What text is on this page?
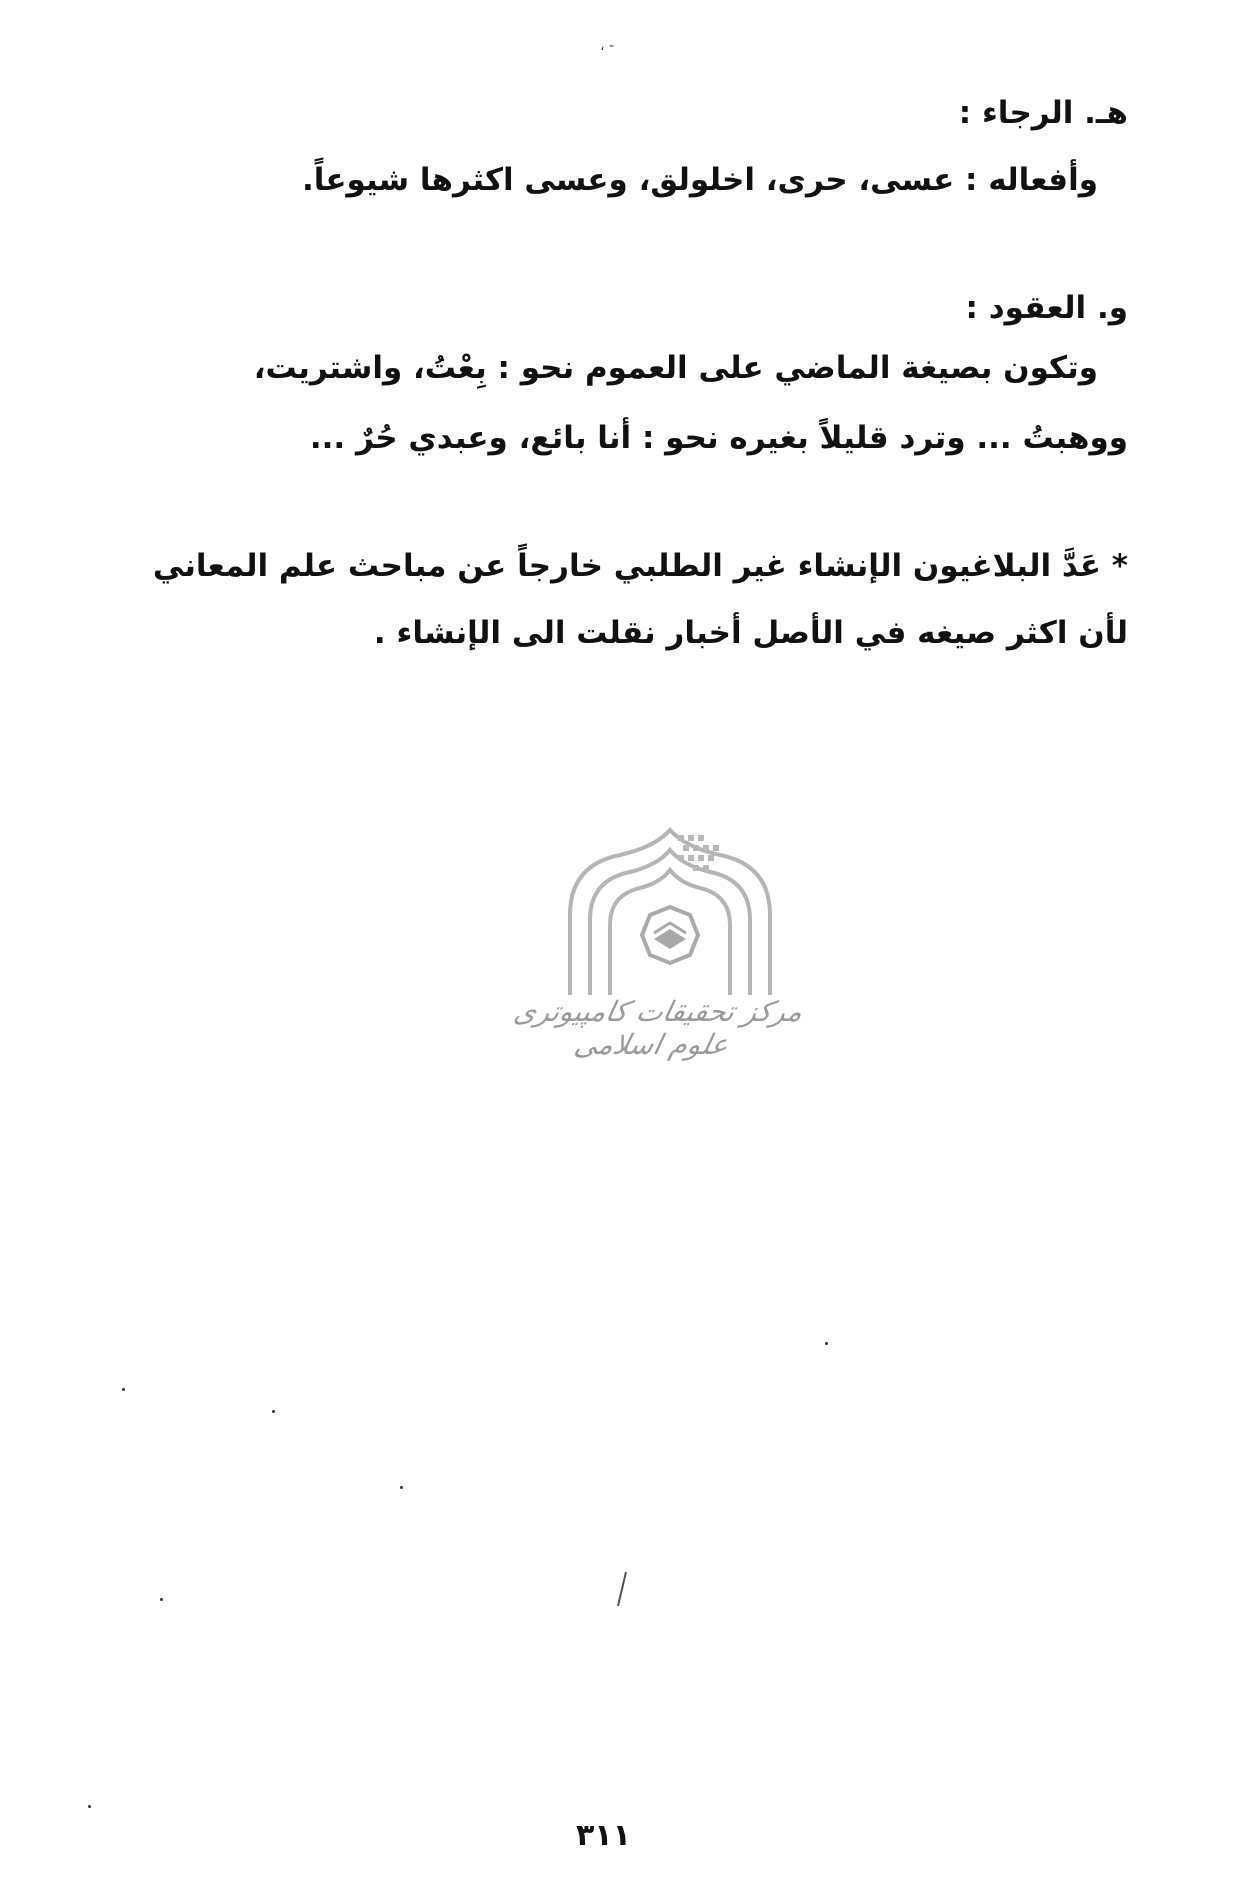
، -
هـ. الرجاء :
وأفعاله : عسى، حرى، اخلولق، وعسى اكثرها شيوعاً.
و. العقود :
وتكون بصيغة الماضي على العموم نحو : بِعْتُ، واشتريت،
ووهبتُ ... وترد قليلاً بغيره نحو : أنا بائع، وعبدي حُرٌ ...
* عَدَّ البلاغيون الإنشاء غير الطلبي خارجاً عن مباحث علم المعاني
لأن اكثر صيغه في الأصل أخبار نقلت الى الإنشاء .
مرکز تحقیقات کامپیوتری علوم اسلامی
٣١١
